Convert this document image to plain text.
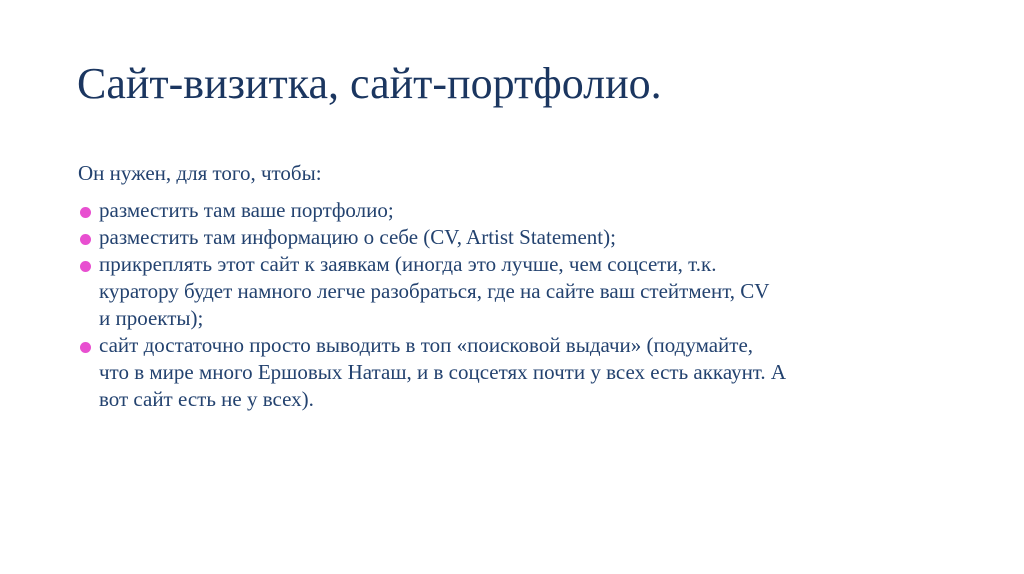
Сайт-визитка, сайт-портфолио.
Он нужен, для того, чтобы:
разместить там ваше портфолио;
разместить там информацию о себе (CV, Artist Statement);
прикреплять этот сайт к заявкам (иногда это лучше, чем соцсети, т.к.
куратору будет намного легче разобраться, где на сайте ваш стейтмент, CV
и проекты);
сайт достаточно просто выводить в топ «поисковой выдачи» (подумайте,
что в мире много Ершовых Наташ, и в соцсетях почти у всех есть аккаунт. А
вот сайт есть не у всех).
